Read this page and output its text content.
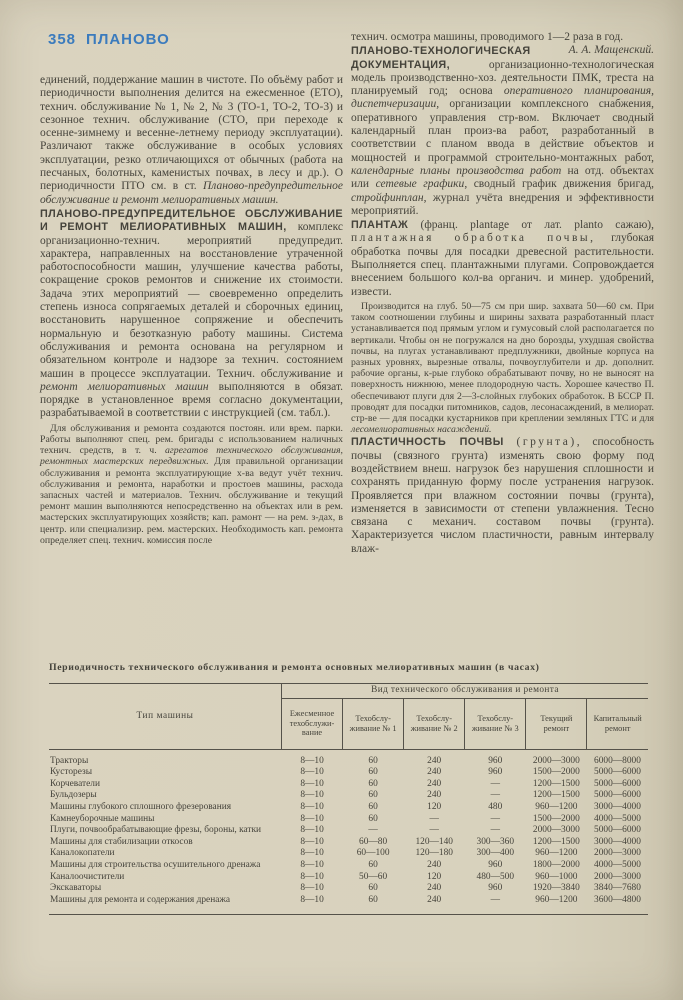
358 ПЛАНОВО

единений, поддержание машин в чистоте. По объёму работ и периодичности выполнения делится на ежесменное (ЕТО), технич. обслуживание № 1, № 2, № 3 (ТО-1, ТО-2, ТО-3) и сезонное технич. обслуживание (СТО, при переходе к осенне-зимнему и весенне-летнему периоду эксплуатации). Различают также обслуживание в особых условиях эксплуатации, резко отличающихся от обычных (работа на песчаных, болотных, каменистых почвах, в лесу и др.). О периодичности ПТО см. в ст. Планово-предупредительное обслуживание и ремонт мелиоративных машин.

ПЛАНОВО-ПРЕДУПРЕДИТЕЛЬНОЕ ОБСЛУЖИВАНИЕ И РЕМОНТ МЕЛИОРАТИВНЫХ МАШИН, комплекс организационно-технич. мероприятий предупредит. характера, направленных на восстановление утраченной работоспособности машин, улучшение качества работы, сокращение сроков ремонтов и снижение их стоимости. Задача этих мероприятий — своевременно определить степень износа сопрягаемых деталей и сборочных единиц, восстановить нарушенное сопряжение и обеспечить нормальную и безотказную работу машины. Система обслуживания и ремонта основана на регулярном и обязательном контроле и надзоре за технич. состоянием машин в процессе эксплуатации. Технич. обслуживание и ремонт мелиоративных машин выполняются в обязат. порядке в установленное время согласно документации, разрабатываемой в соответствии с инструкцией (см. табл.).

Для обслуживания и ремонта создаются постоян. или врем. парки. Работы выполняют спец. рем. бригады с использованием наличных технич. средств, в т. ч. агрегатов технического обслуживания, ремонтных мастерских передвижных. Для правильной организации обслуживания и ремонта эксплуатирующие х-ва ведут учёт технич. обслуживания и ремонта, наработки и простоев машины, расхода запасных частей и материалов. Технич. обслуживание и текущий ремонт машин выполняются непосредственно на объектах или в рем. мастерских эксплуатирующих хозяйств; кап. рамонт — на рем. з-дах, в центр. или специализир. рем. мастерских. Необходимость кап. ремонта определяет спец. технич. комиссия после

технич. осмотра машины, проводимого 1—2 раза в год.
А. А. Мащенский.

ПЛАНОВО-ТЕХНОЛОГИЧЕСКАЯ ДОКУМЕНТАЦИЯ, организационно-технологическая модель производственно-хоз. деятельности ПМК, треста на планируемый год; основа оперативного планирования, диспетчеризации, организации комплексного снабжения, оперативного управления стр-вом. Включает сводный календарный план произ-ва работ, разработанный в соответствии с планом ввода в действие объектов и мощностей и программой строительно-монтажных работ, календарные планы производства работ на отд. объектах или сетевые графики, сводный график движения бригад, стройфинплан, журнал учёта внедрения и эффективности мероприятий.

ПЛАНТАЖ (франц. plantage от лат. planto сажаю), плантажная обработка почвы, глубокая обработка почвы для посадки древесной растительности. Выполняется спец. плантажными плугами. Сопровождается внесением большого кол-ва органич. и минер. удобрений, извести.

Производится на глуб. 50—75 см при шир. захвата 50—60 см. При таком соотношении глубины и ширины захвата разработанный пласт устанавливается под прямым углом и гумусовый слой располагается по вертикали. Чтобы он не погружался на дно борозды, ухудшая свойства почвы, на плугах устанавливают предплужники, двойные корпуса на разных уровнях, вырезные отвалы, почвоуглубители и др. дополнит. рабочие органы, к-рые глубоко обрабатывают почву, но не выносят на поверхность нижнюю, менее плодородную часть. Хорошее качество П. обеспечивают плуги для 2—3-слойных глубоких обработок. В БССР П. проводят для посадки питомников, садов, лесонасаждений, в мелиорат. стр-ве — для посадки кустарников при креплении земляных ГТС и для лесомелиоративных насаждений.

ПЛАСТИЧНОСТЬ ПОЧВЫ (грунта), способность почвы (связного грунта) изменять свою форму под воздействием внеш. нагрузок без нарушения сплошности и сохранять приданную форму после устранения нагрузок. Проявляется при влажном состоянии почвы (грунта), изменяется в зависимости от степени увлажнения. Тесно связана с механич. составом почвы (грунта). Характеризуется числом пластичности, равным интервалу влаж-

Периодичность технического обслуживания и ремонта основных мелиоративных машин (в часах)
Тип машины	Вид технического обслуживания и ремонта					
	Ежесменное техобслуживание	Техобслуживание № 1	Техобслуживание № 2	Техобслуживание № 3	Текущий ремонт	Капитальный ремонт
Тракторы	8—10	60	240	960	2000—3000	6000—8000
Кусторезы	8—10	60	240	960	1500—2000	5000—6000
Корчеватели	8—10	60	240	—	1200—1500	5000—6000
Бульдозеры	8—10	60	240	—	1200—1500	5000—6000
Машины глубокого сплошного фрезерования	8—10	60	120	480	960—1200	3000—4000
Камнеуборочные машины	8—10	60	—	—	1500—2000	4000—5000
Плуги, почвообрабатывающие фрезы, бороны, катки	8—10	—	—	—	2000—3000	5000—6000
Машины для стабилизации откосов	8—10	60—80	120—140	300—360	1200—1500	3000—4000
Каналокопатели	8—10	60—100	120—180	300—400	960—1200	2000—3000
Машины для строительства осушительного дренажа	8—10	60	240	960	1800—2000	4000—5000
Каналоочистители	8—10	50—60	120	480—500	960—1000	2000—3000
Экскаваторы	8—10	60	240	960	1920—3840	3840—7680
Машины для ремонта и содержания дренажа	8—10	60	240	—	960—1200	3600—4800
